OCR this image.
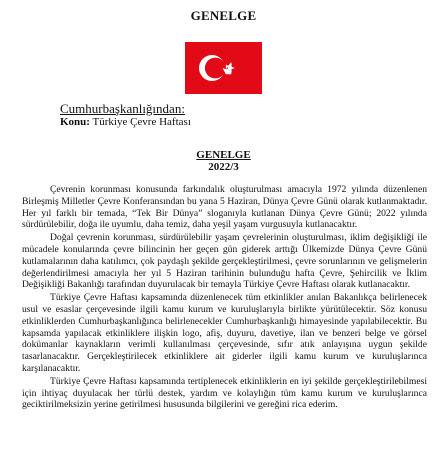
GENELGE
Cumhurbaşkanlığından:
Konu: Türkiye Çevre Haftası
GENELGE
2022/3

Çevrenin korunması konusunda farkındalık oluşturulması amacıyla 1972 yılında düzenlenen Birleşmiş Milletler Çevre Konferansından bu yana 5 Haziran, Dünya Çevre Günü olarak kutlanmaktadır. Her yıl farklı bir temada, “Tek Bir Dünya” sloganıyla kutlanan Dünya Çevre Günü; 2022 yılında sürdürülebilir, doğa ile uyumlu, daha temiz, daha yeşil yaşam vurgusuyla kutlanacaktır.

Doğal çevrenin korunması, sürdürülebilir yaşam çevrelerinin oluşturulması, iklim değişikliği ile mücadele konularında çevre bilincinin her geçen gün giderek arttığı Ülkemizde Dünya Çevre Günü kutlamalarının daha katılımcı, çok paydaşlı şekilde gerçekleştirilmesi, çevre sorunlarının ve gelişmelerin değerlendirilmesi amacıyla her yıl 5 Haziran tarihinin bulunduğu hafta Çevre, Şehircilik ve İklim Değişikliği Bakanlığı tarafından duyurulacak bir temayla Türkiye Çevre Haftası olarak kutlanacaktır.

Türkiye Çevre Haftası kapsamında düzenlenecek tüm etkinlikler anılan Bakanlıkça belirlenecek usul ve esaslar çerçevesinde ilgili kamu kurum ve kuruluşlarıyla birlikte yürütülecektir. Söz konusu etkinliklerden Cumhurbaşkanlığınca belirlenecekler Cumhurbaşkanlığı himayesinde yapılabilecektir. Bu kapsamda yapılacak etkinliklere ilişkin logo, afiş, duyuru, davetiye, ilan ve benzeri belge ve görsel dokümanlar kaynakların verimli kullanılması çerçevesinde, sıfır atık anlayışına uygun şekilde tasarlanacaktır. Gerçekleştirilecek etkinliklere ait giderler ilgili kamu kurum ve kuruluşlarınca karşılanacaktır.

Türkiye Çevre Haftası kapsamında tertiplenecek etkinliklerin en iyi şekilde gerçekleştirilebilmesi için ihtiyaç duyulacak her türlü destek, yardım ve kolaylığın tüm kamu kurum ve kuruluşlarınca geciktirilmeksizin yerine getirilmesi hususunda bilgilerini ve gereğini rica ederim.
